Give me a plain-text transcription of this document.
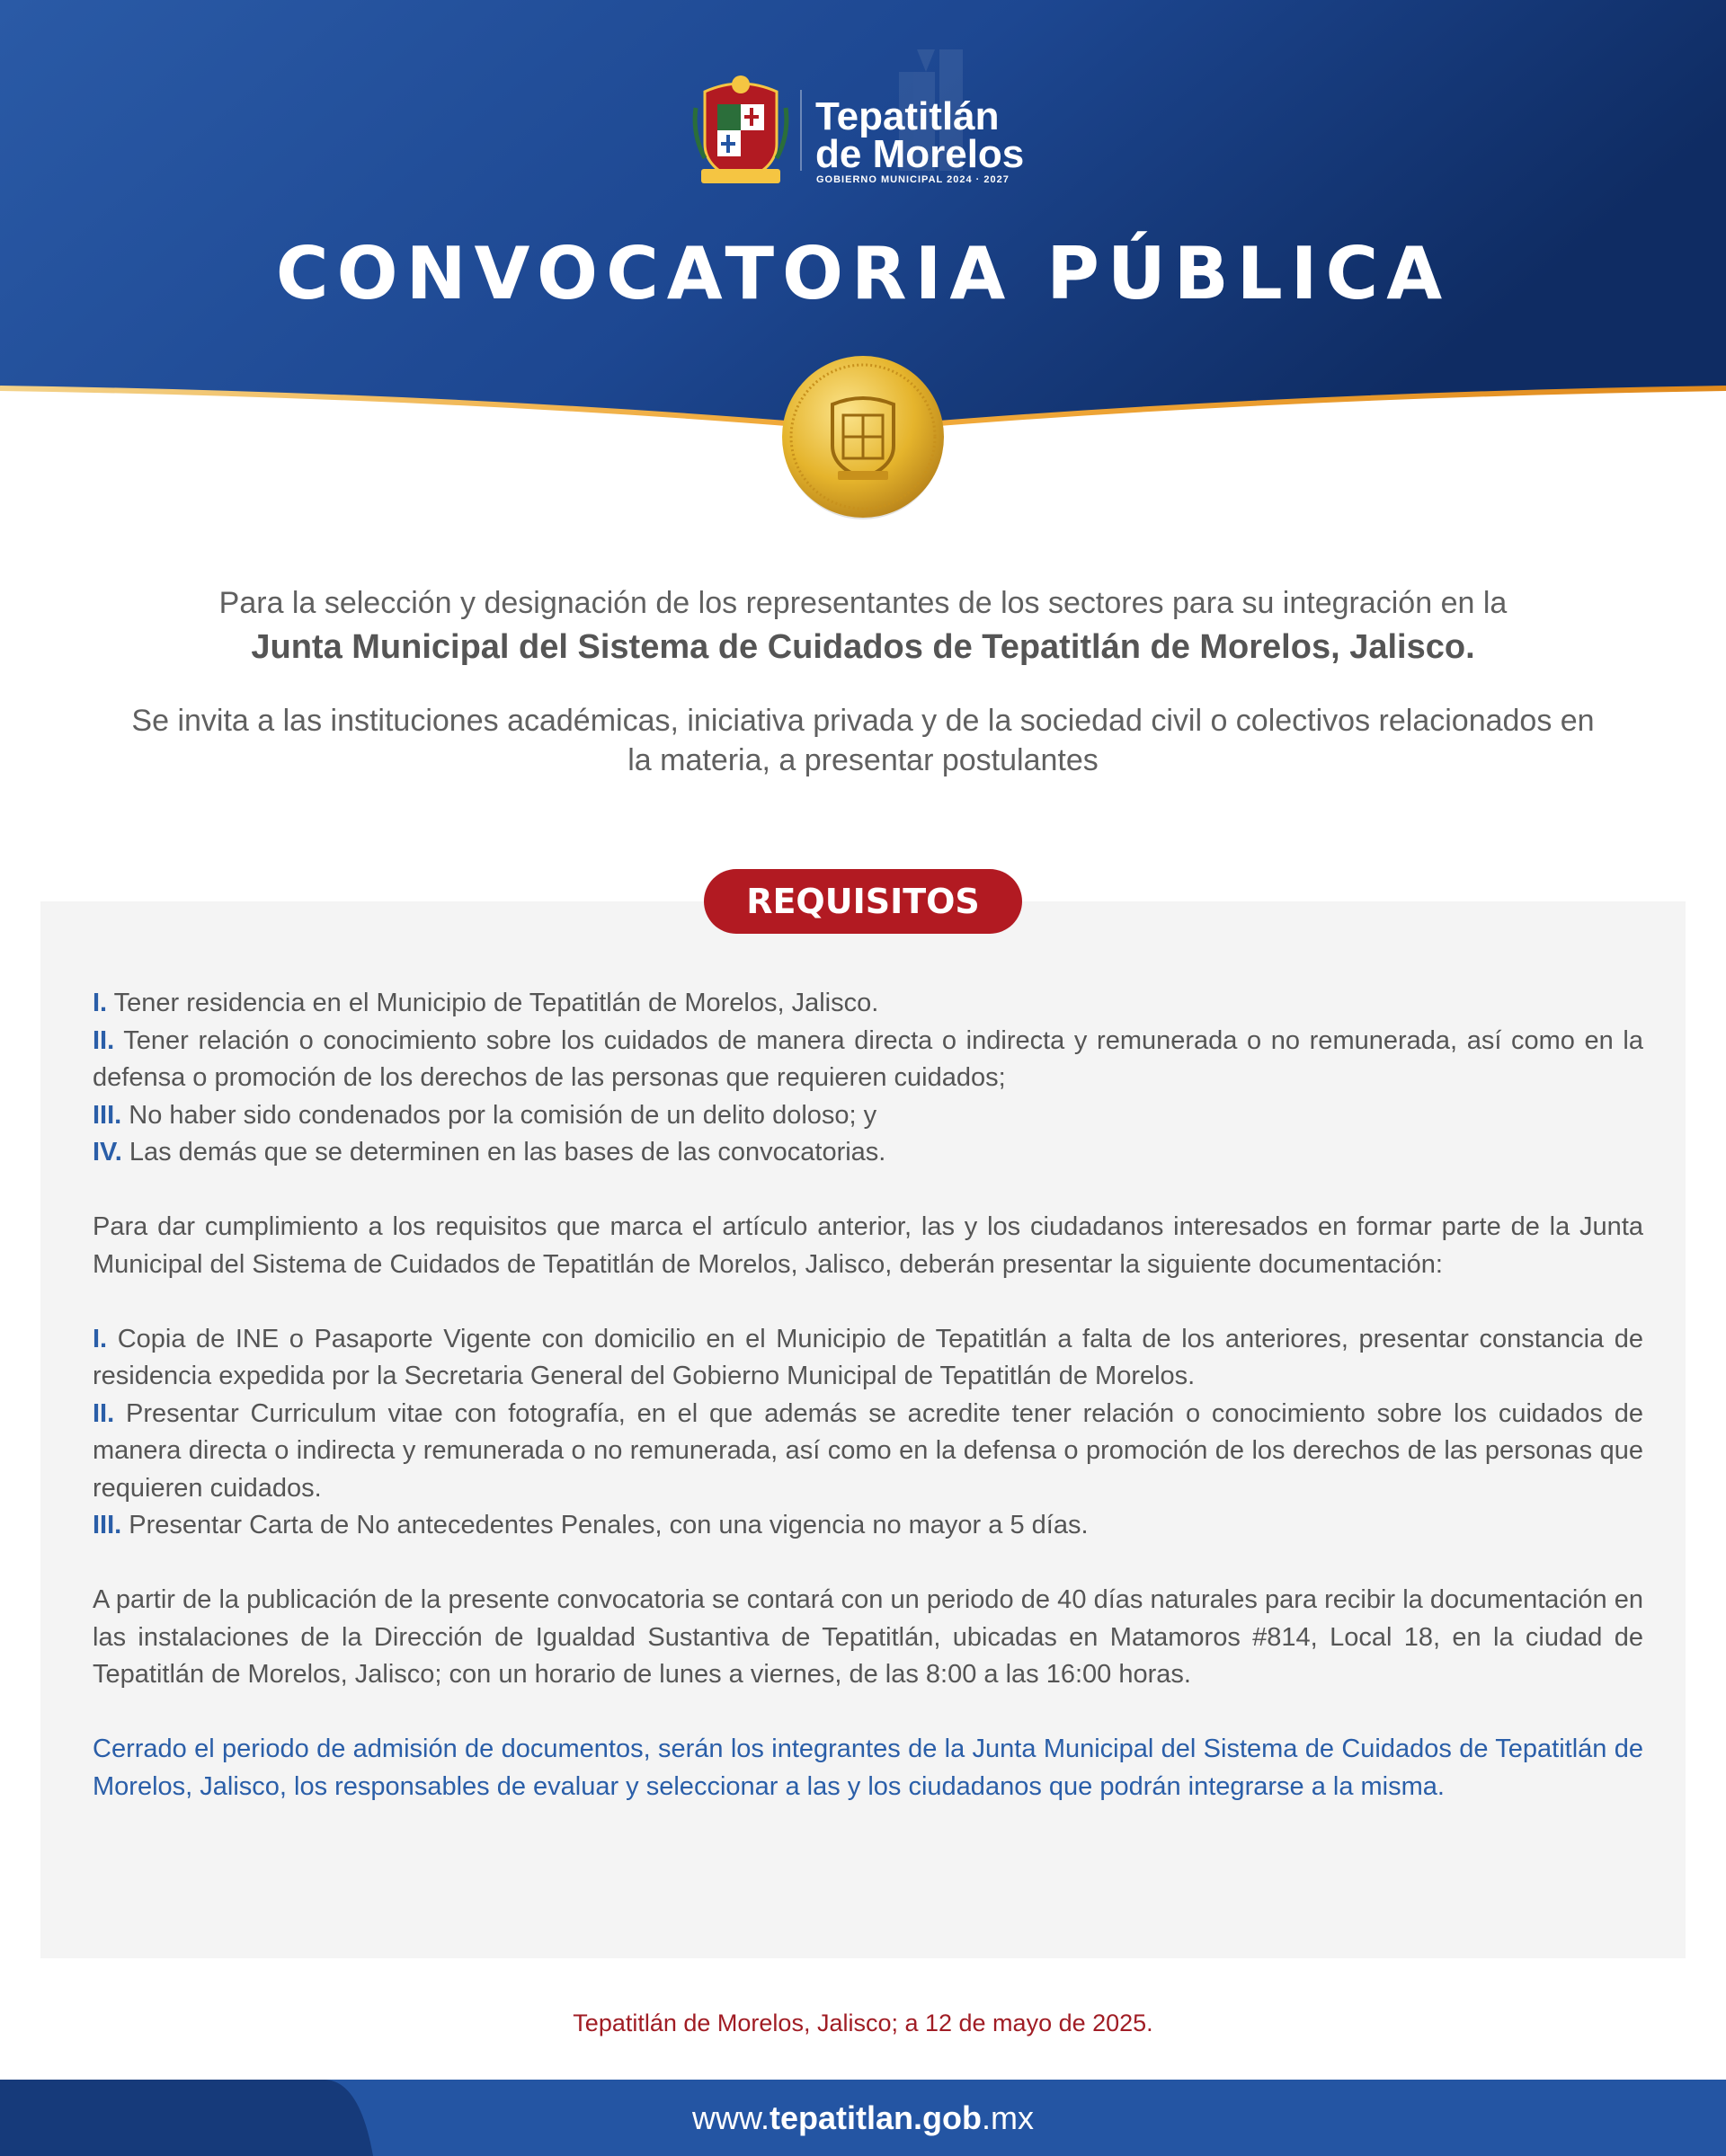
Tepatitlán
de Morelos
GOBIERNO MUNICIPAL 2024 · 2027
CONVOCATORIA PÚBLICA
Para la selección y designación de los representantes de los sectores para su integración en la
Junta Municipal del Sistema de Cuidados de Tepatitlán de Morelos, Jalisco.
Se invita a las instituciones académicas, iniciativa privada y de la sociedad civil o colectivos relacionados en la materia, a presentar postulantes
REQUISITOS

I. Tener residencia en el Municipio de Tepatitlán de Morelos, Jalisco.

II. Tener relación o conocimiento sobre los cuidados de manera directa o indirecta y remunerada o no remunerada, así como en la defensa o promoción de los derechos de las personas que requieren cuidados;

III. No haber sido condenados por la comisión de un delito doloso; y

IV. Las demás que se determinen en las bases de las convocatorias.

Para dar cumplimiento a los requisitos que marca el artículo anterior, las y los ciudadanos interesados en formar parte de la Junta Municipal del Sistema de Cuidados de Tepatitlán de Morelos, Jalisco, deberán presentar la siguiente documentación:

I. Copia de INE o Pasaporte Vigente con domicilio en el Municipio de Tepatitlán a falta de los anteriores, presentar constancia de residencia expedida por la Secretaria General del Gobierno Municipal de Tepatitlán de Morelos.

II. Presentar Curriculum vitae con fotografía, en el que además se acredite tener relación o conocimiento sobre los cuidados de manera directa o indirecta y remunerada o no remunerada, así como en la defensa o promoción de los derechos de las personas que requieren cuidados.

III. Presentar Carta de No antecedentes Penales, con una vigencia no mayor a 5 días.

A partir de la publicación de la presente convocatoria se contará con un periodo de 40 días naturales para recibir la documentación en las instalaciones de la Dirección de Igualdad Sustantiva de Tepatitlán, ubicadas en Matamoros #814, Local 18, en la ciudad de Tepatitlán de Morelos, Jalisco; con un horario de lunes a viernes, de las 8:00 a las 16:00 horas.

Cerrado el periodo de admisión de documentos, serán los integrantes de la Junta Municipal del Sistema de Cuidados de Tepatitlán de Morelos, Jalisco, los responsables de evaluar y seleccionar a las y los ciudadanos que podrán integrarse a la misma.

Tepatitlán de Morelos, Jalisco; a 12 de mayo de 2025.
www.tepatitlan.gob.mx
